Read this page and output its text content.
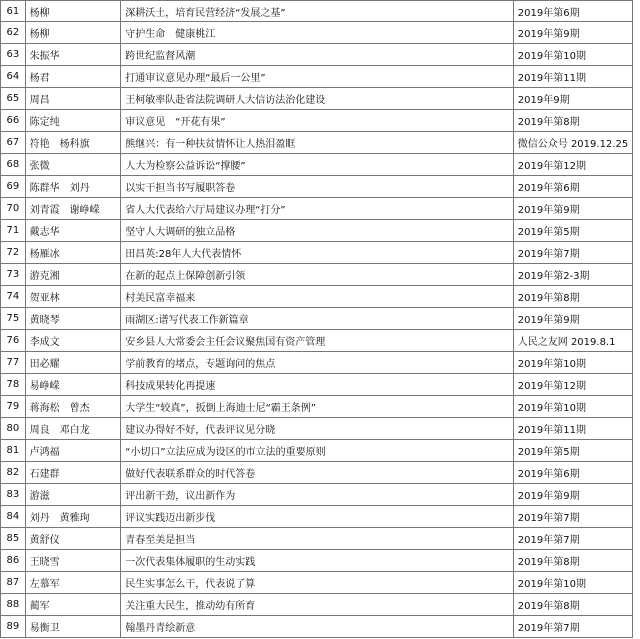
61	杨柳	深耕沃土，培育民营经济“发展之基”	2019年第6期
62	杨柳	守护生命　健康桃江	2019年第9期
63	朱振华	跨世纪监督风潮	2019年第10期
64	杨君	打通审议意见办理“最后一公里”	2019年第11期
65	周昌	王柯敏率队赴省法院调研人大信访法治化建设	2019年9期
66	陈定纯	审议意见　“开花有果”	2019年第8期
67	符艳　杨科旗	熊继兴：有一种扶贫情怀让人热泪盈眶	微信公众号 2019.12.25
68	张微	人大为检察公益诉讼“撑腰”	2019年第12期
69	陈群华　刘丹	以实干担当书写履职答卷	2019年第6期
70	刘青霞　谢峥嵘	省人大代表给六厅局建议办理“打分”	2019年第9期
71	戴志华	坚守人大调研的独立品格	2019年第5期
72	杨雁冰	田昌英:28年人大代表情怀	2019年第7期
73	游克湘	在新的起点上保障创新引领	2019年第2-3期
74	贺亚林	村美民富幸福来	2019年第8期
75	黄晓琴	雨湖区:谱写代表工作新篇章	2019年第9期
76	李成文	安乡县人大常委会主任会议聚焦国有资产管理	人民之友网 2019.8.1
77	田必耀	学前教育的堵点，专题询问的焦点	2019年第10期
78	易峥嵘	科技成果转化再提速	2019年第12期
79	蒋海松　曾杰	大学生“较真”，扳倒上海迪士尼“霸王条例”	2019年第10期
80	周良　邓白龙	建议办得好不好，代表评议见分晓	2019年第11期
81	卢鸿福	“小切口”立法应成为设区的市立法的重要原则	2019年第5期
82	石建群	做好代表联系群众的时代答卷	2019年第6期
83	游滋	评出新干劲，议出新作为	2019年第9期
84	刘丹　黄雅珣	评议实践迈出新步伐	2019年第7期
85	黄舒仪	青春至美是担当	2019年第7期
86	王晓雪	一次代表集体履职的生动实践	2019年第8期
87	左慕军	民生实事怎么干，代表说了算	2019年第10期
88	蔺军	关注重大民生，推动幼有所育	2019年第8期
89	易衡卫	翰墨丹青绘新意	2019年第7期
